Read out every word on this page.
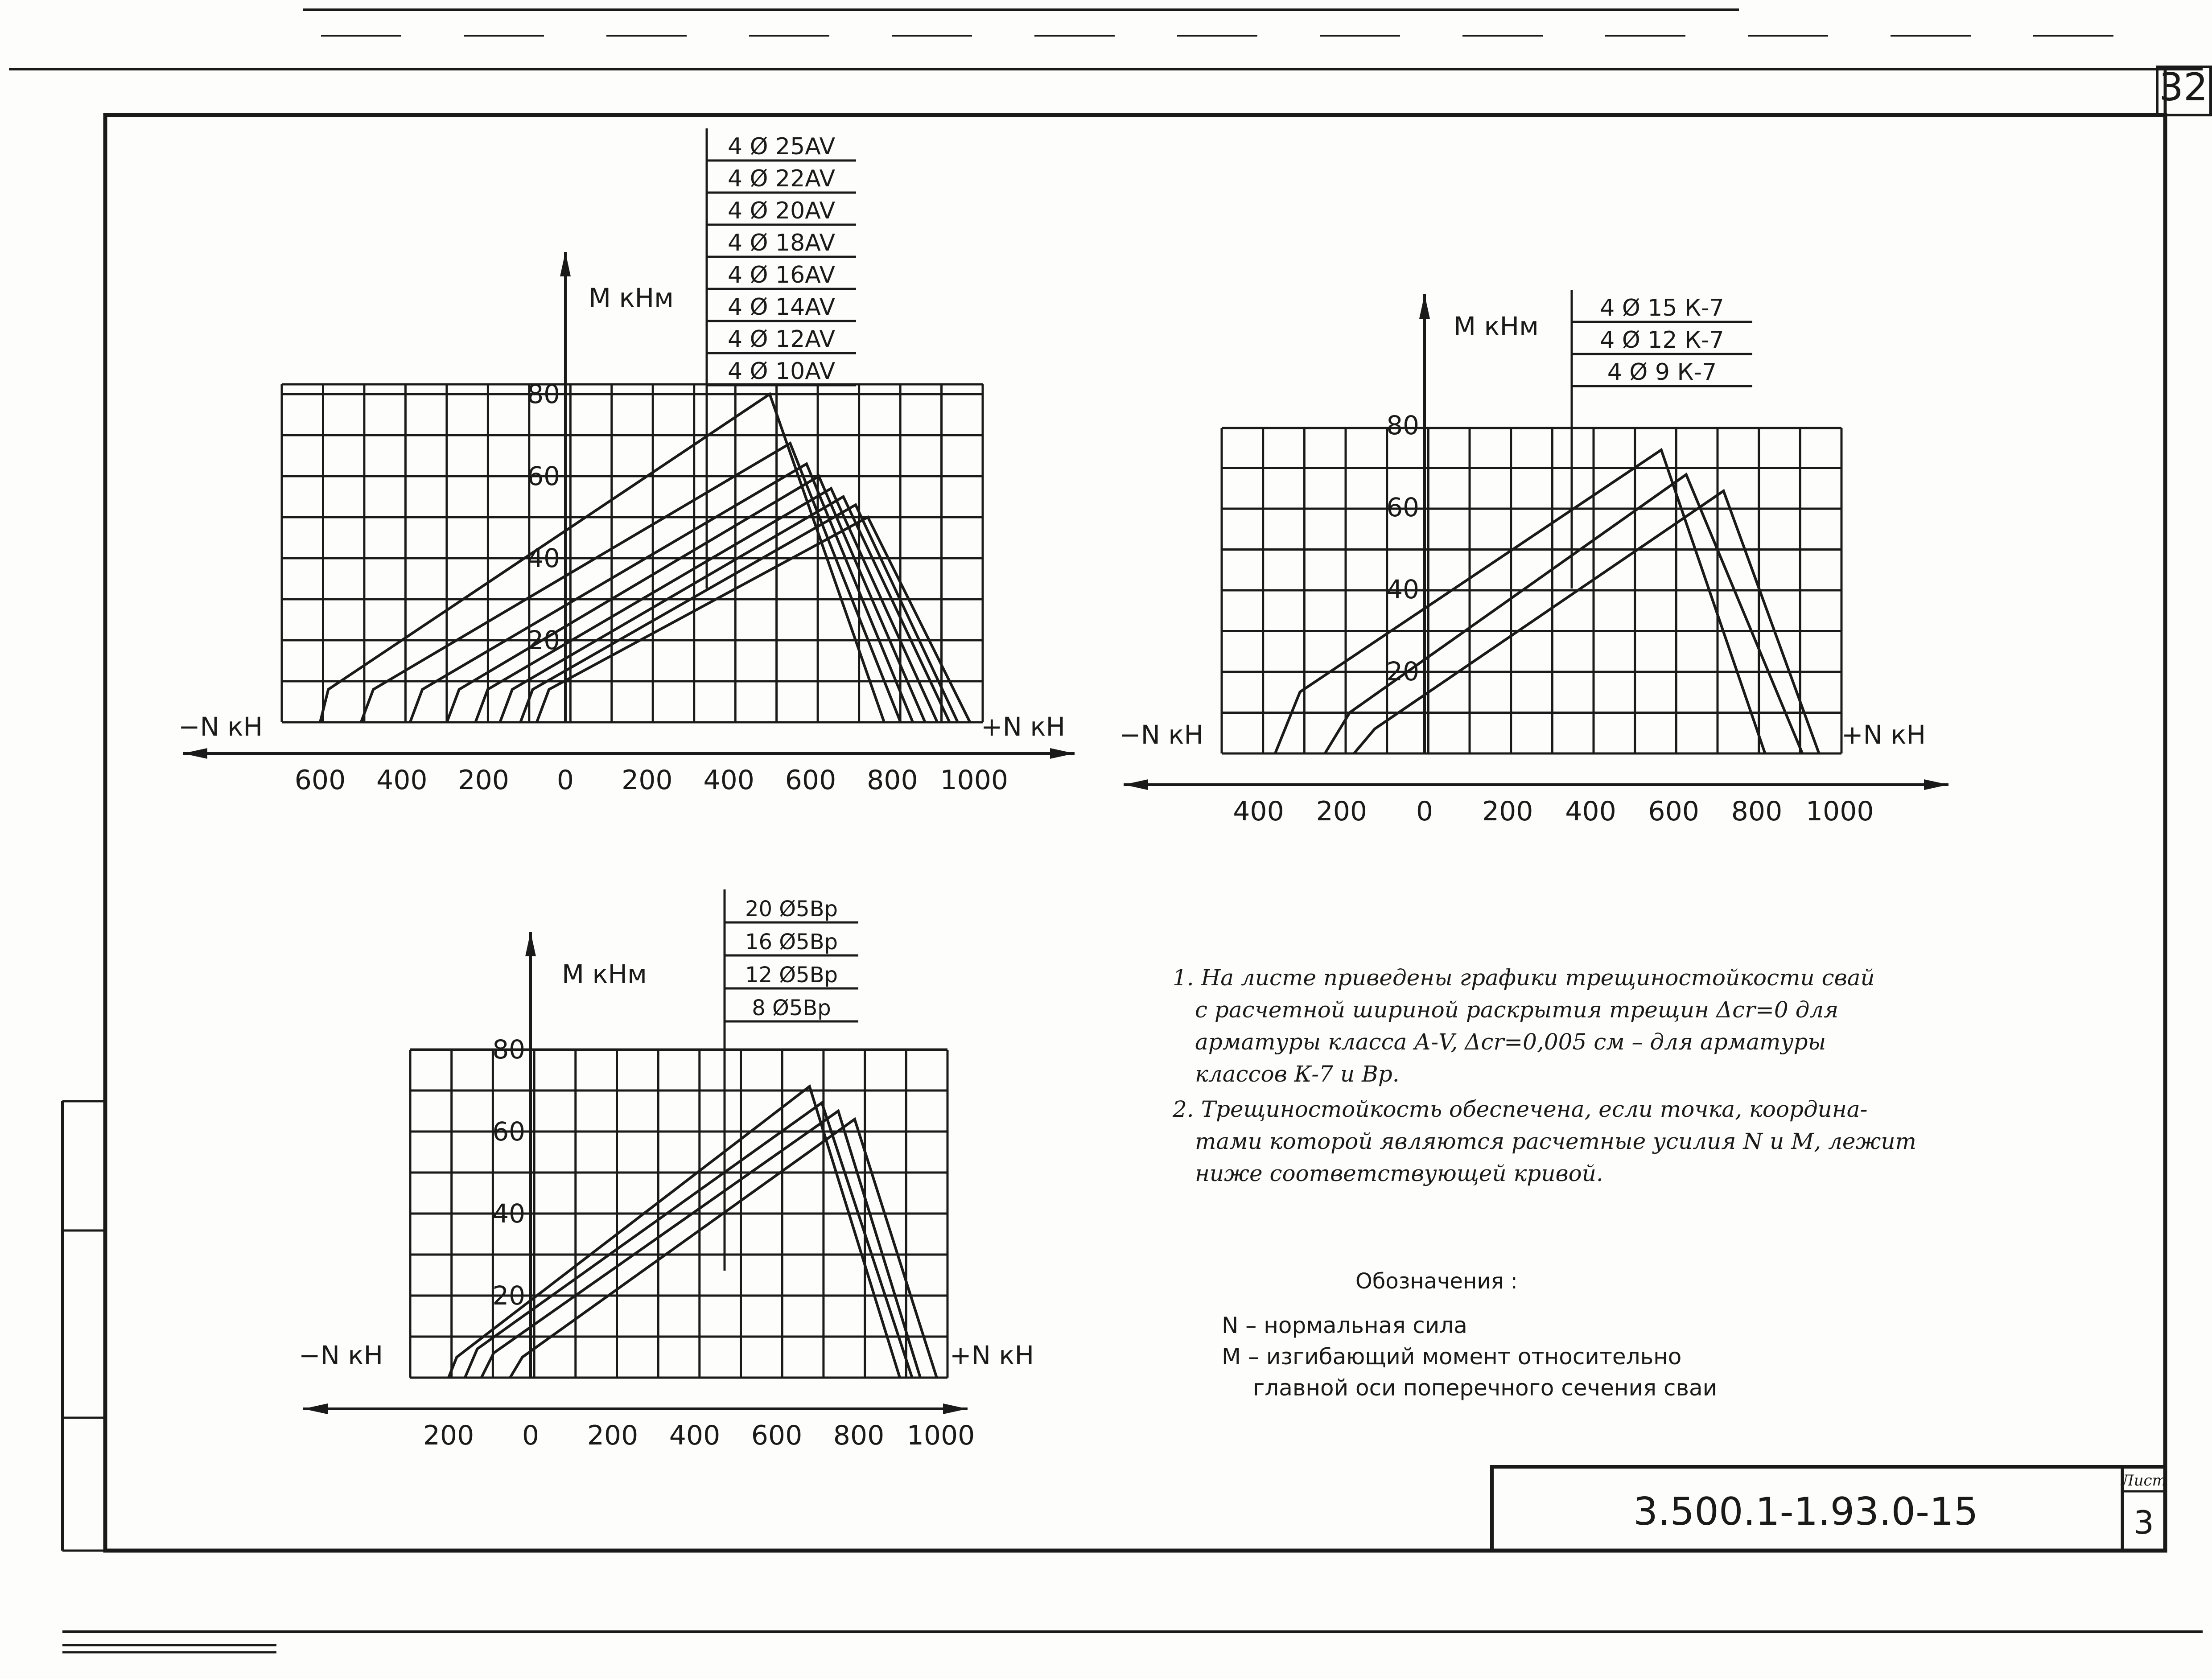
32
3.500.1-1.93.0-15
Лист
3
М кНм
−N кН	+N кН
600 400 200 0 200 400 600 800 1000
20
40
60
80
4 Ø 25AV
4 Ø 22AV
4 Ø 20AV
4 Ø 18AV
4 Ø 16AV
4 Ø 14AV
4 Ø 12AV
4 Ø 10AV
М кНм
−N кН	+N кН
400 200 0 200 400 600 800 1000
20
40
60
80
4 Ø 15 К-7
4 Ø 12 К-7
4 Ø 9 К-7
М кНм
−N кН	+N кН
200 0 200 400 600 800 1000
20
40
60
80
20 Ø5Вр
16 Ø5Вр
12 Ø5Вр
8 Ø5Вр
1. На листе приведены графики трещиностойкости свай
с расчетной шириной раскрытия трещин Δcr=0 для
арматуры класса А-V, Δcr=0,005 см – для арматуры
классов К-7 и Вр.
2. Трещиностойкость обеспечена, если точка, координа-
тами которой являются расчетные усилия N и М, лежит
ниже соответствующей кривой.
Обозначения :
N – нормальная сила
М – изгибающий момент относительно
главной оси поперечного сечения сваи
